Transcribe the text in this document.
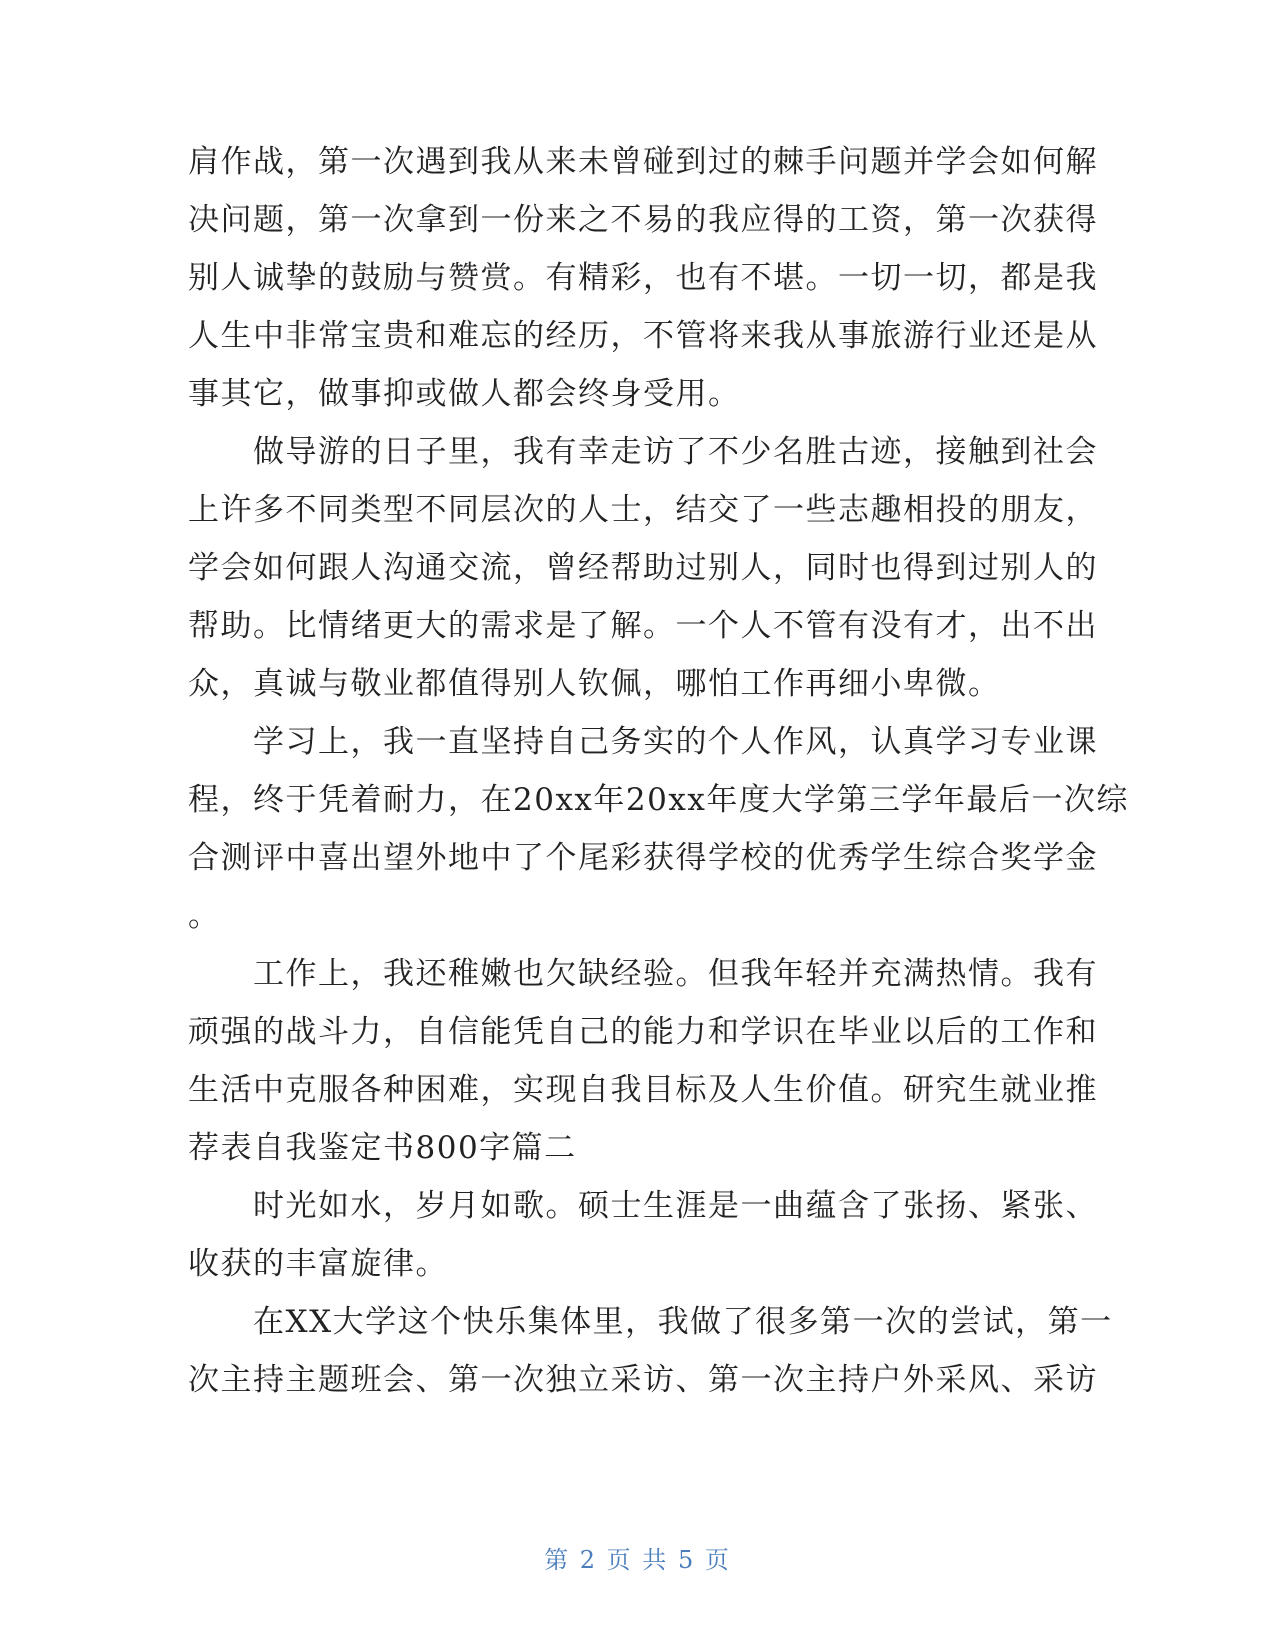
肩作战，第一次遇到我从来未曾碰到过的棘手问题并学会如何解
决问题，第一次拿到一份来之不易的我应得的工资，第一次获得
别人诚挚的鼓励与赞赏。有精彩，也有不堪。一切一切，都是我
人生中非常宝贵和难忘的经历，不管将来我从事旅游行业还是从
事其它，做事抑或做人都会终身受用。
　　做导游的日子里，我有幸走访了不少名胜古迹，接触到社会
上许多不同类型不同层次的人士，结交了一些志趣相投的朋友，
学会如何跟人沟通交流，曾经帮助过别人，同时也得到过别人的
帮助。比情绪更大的需求是了解。一个人不管有没有才，出不出
众，真诚与敬业都值得别人钦佩，哪怕工作再细小卑微。
　　学习上，我一直坚持自己务实的个人作风，认真学习专业课
程，终于凭着耐力，在20xx年20xx年度大学第三学年最后一次综
合测评中喜出望外地中了个尾彩获得学校的优秀学生综合奖学金
。
　　工作上，我还稚嫩也欠缺经验。但我年轻并充满热情。我有
顽强的战斗力，自信能凭自己的能力和学识在毕业以后的工作和
生活中克服各种困难，实现自我目标及人生价值。研究生就业推
荐表自我鉴定书800字篇二
　　时光如水，岁月如歌。硕士生涯是一曲蕴含了张扬、紧张、
收获的丰富旋律。
　　在XX大学这个快乐集体里，我做了很多第一次的尝试，第一
次主持主题班会、第一次独立采访、第一次主持户外采风、采访
第 2 页 共 5 页
